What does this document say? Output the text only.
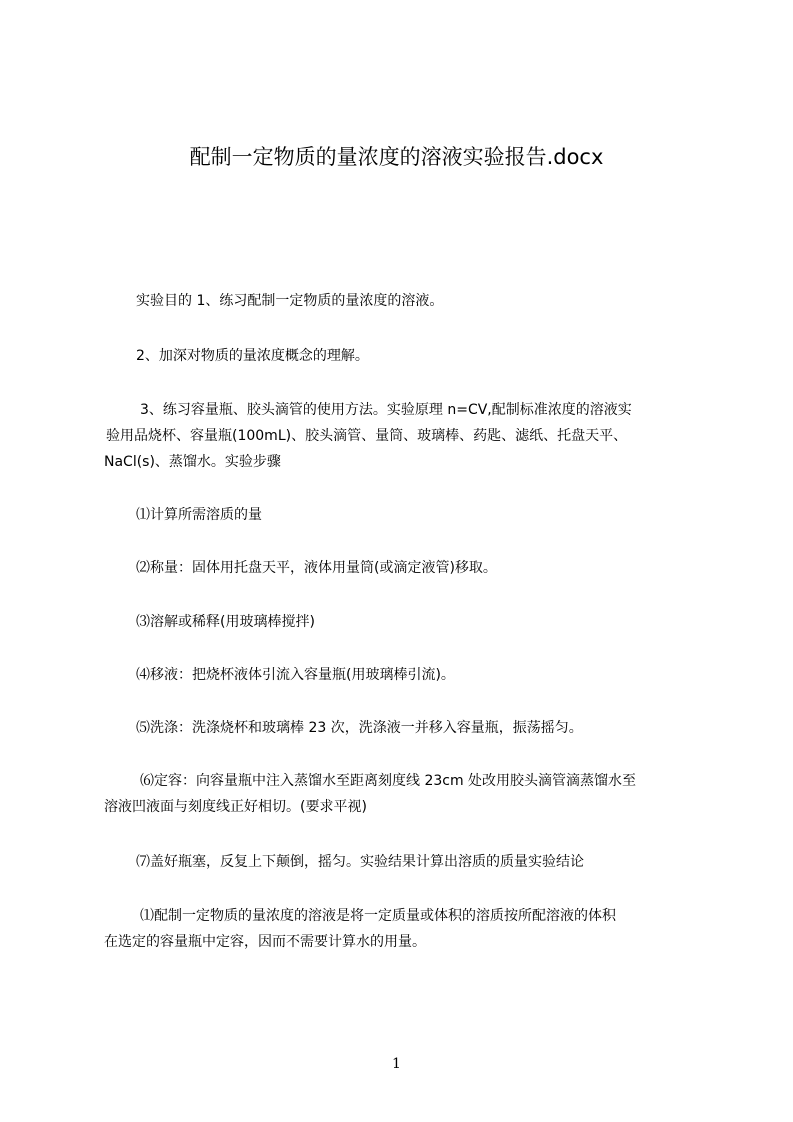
配制一定物质的量浓度的溶液实验报告.docx
实验目的 1、练习配制一定物质的量浓度的溶液。
2、加深对物质的量浓度概念的理解。
3、练习容量瓶、胶头滴管的使用方法。实验原理 n=CV,配制标准浓度的溶液实
验用品烧杯、容量瓶(100mL)、胶头滴管、量筒、玻璃棒、药匙、滤纸、托盘天平、
NaCl(s)、蒸馏水。实验步骤
⑴计算所需溶质的量
⑵称量：固体用托盘天平，液体用量筒(或滴定液管)移取。
⑶溶解或稀释(用玻璃棒搅拌)
⑷移液：把烧杯液体引流入容量瓶(用玻璃棒引流)。
⑸洗涤：洗涤烧杯和玻璃棒 23 次，洗涤液一并移入容量瓶，振荡摇匀。
⑹定容：向容量瓶中注入蒸馏水至距离刻度线 23cm 处改用胶头滴管滴蒸馏水至
溶液凹液面与刻度线正好相切。(要求平视)
⑺盖好瓶塞，反复上下颠倒，摇匀。实验结果计算出溶质的质量实验结论
⑴配制一定物质的量浓度的溶液是将一定质量或体积的溶质按所配溶液的体积
在选定的容量瓶中定容，因而不需要计算水的用量。
1
